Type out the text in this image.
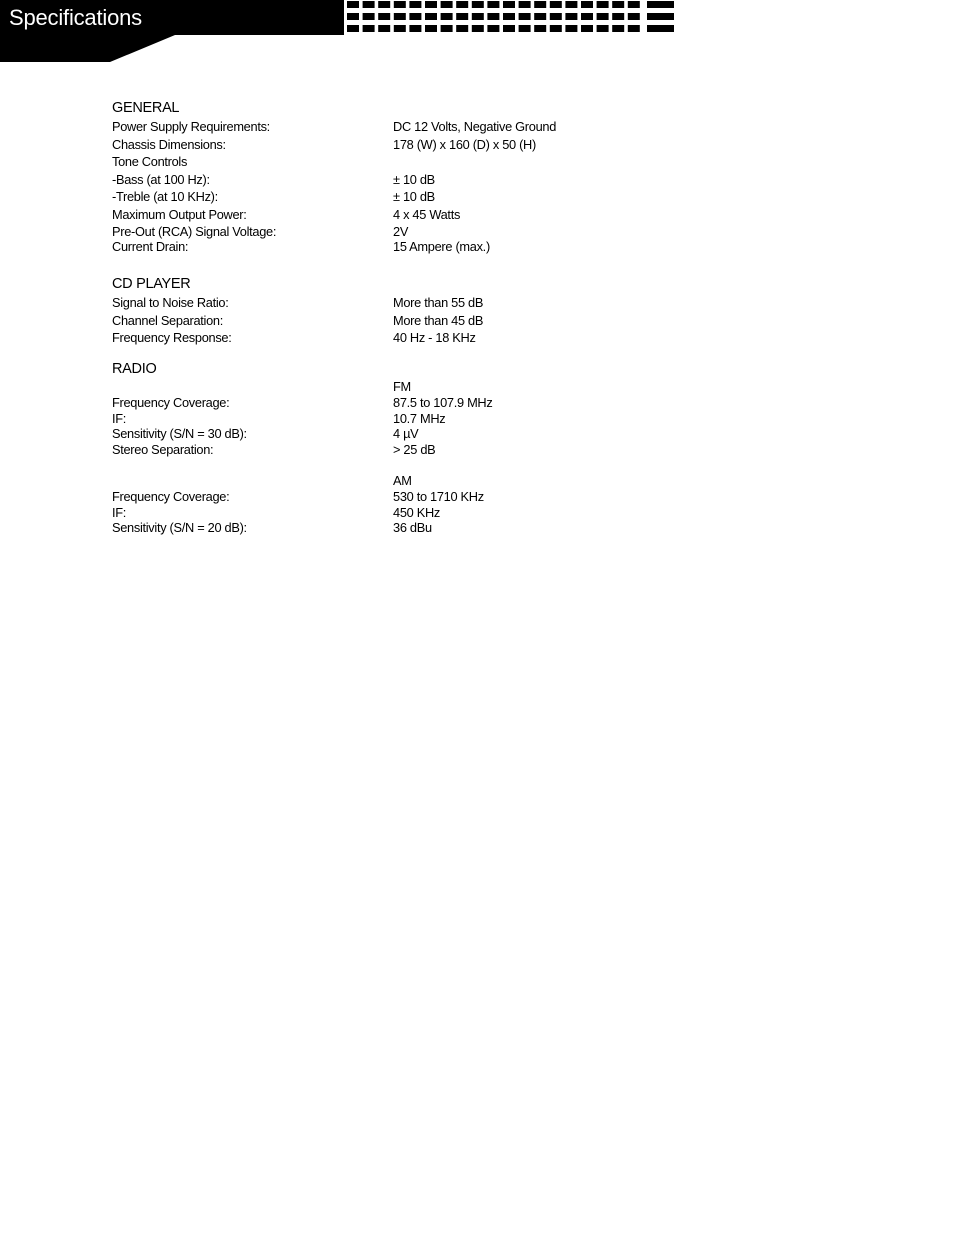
Specifications
GENERAL
Power Supply Requirements:	DC 12 Volts, Negative Ground
Chassis Dimensions:	178 (W) x 160 (D) x 50 (H)
Tone Controls
-Bass (at 100 Hz):	± 10 dB
-Treble (at 10 KHz):	± 10 dB
Maximum Output Power:	4 x 45 Watts
Pre-Out (RCA) Signal Voltage:	2V
Current Drain:	15 Ampere (max.)
CD PLAYER
Signal to Noise Ratio:	More than 55 dB
Channel Separation:	More than 45 dB
Frequency Response:	40 Hz - 18 KHz
RADIO
FM
Frequency Coverage:	87.5 to 107.9 MHz
IF:	10.7 MHz
Sensitivity (S/N = 30 dB):	4 µV
Stereo Separation:	> 25 dB
AM
Frequency Coverage:	530 to 1710 KHz
IF:	450 KHz
Sensitivity (S/N = 20 dB):	36 dBu
